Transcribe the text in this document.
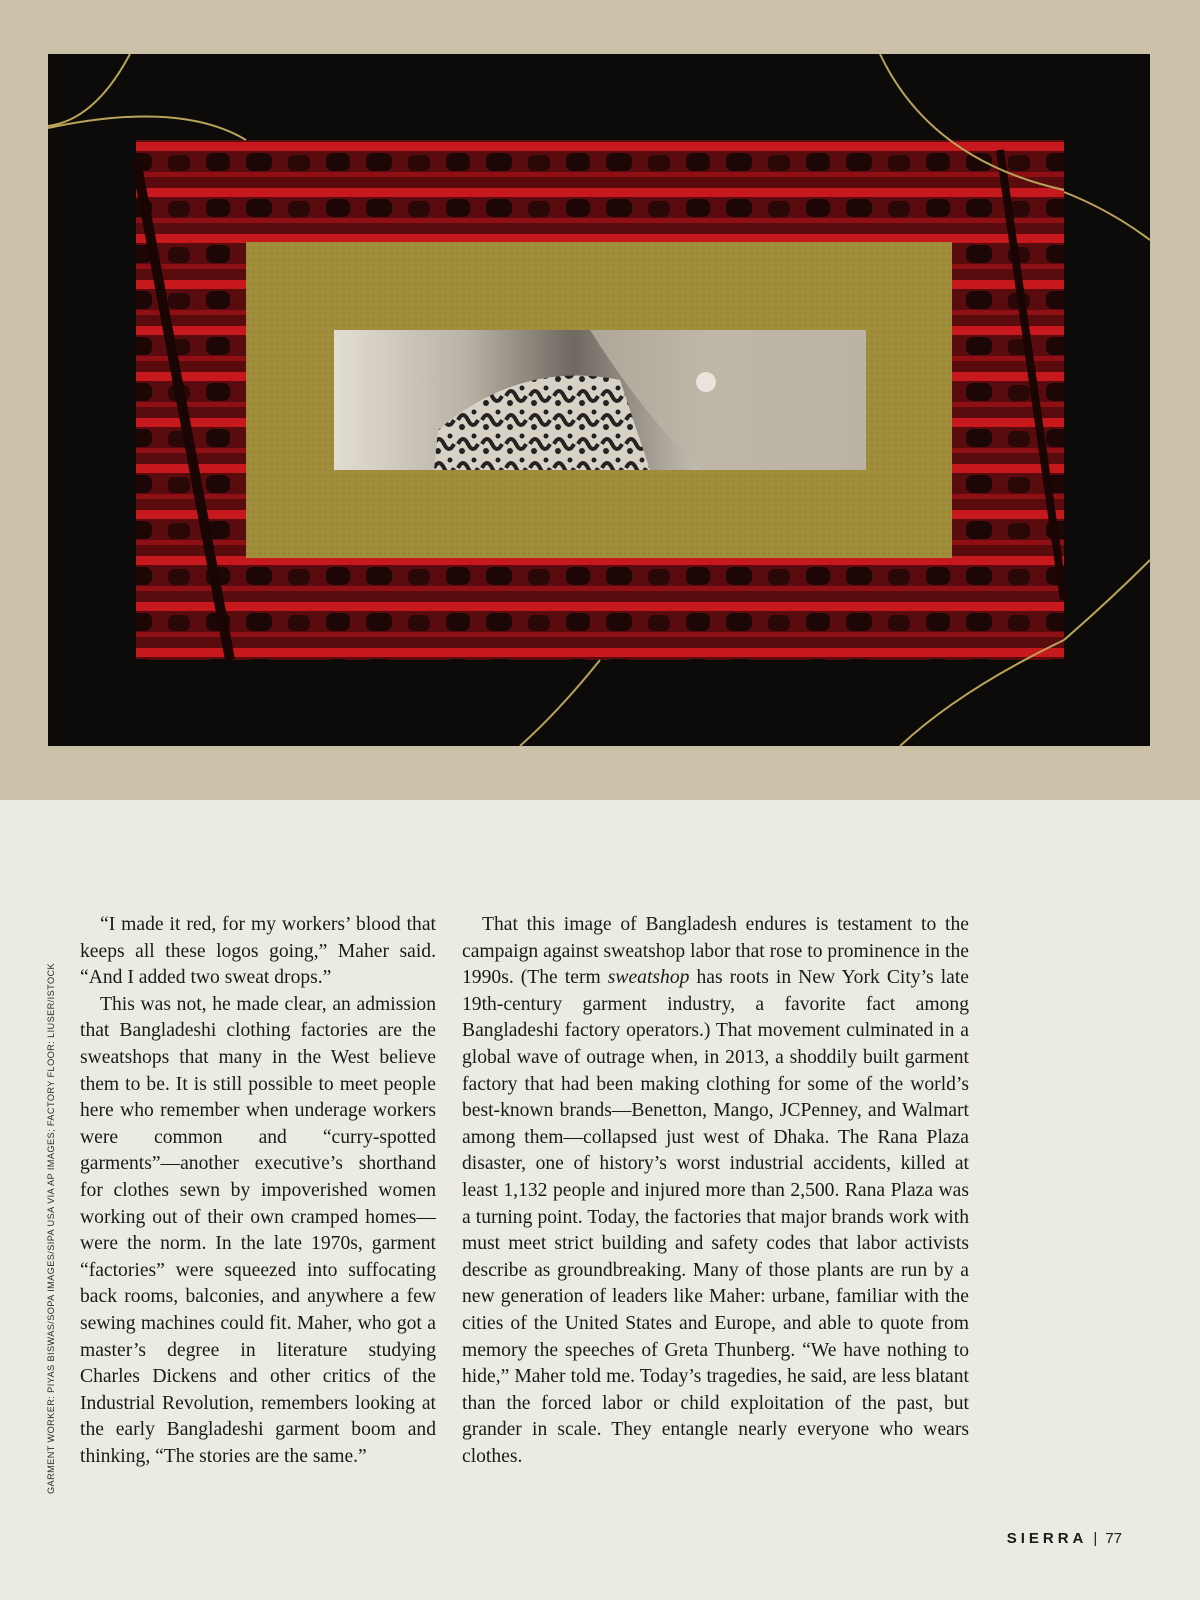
“I made it red, for my workers’ blood that keeps all these logos going,” Maher said. “And I added two sweat drops.”

This was not, he made clear, an admission that Bangladeshi clothing factories are the sweatshops that many in the West believe them to be. It is still possible to meet people here who remember when underage workers were common and “curry-spotted garments”—another executive’s shorthand for clothes sewn by impoverished women working out of their own cramped homes—were the norm. In the late 1970s, garment “factories” were squeezed into suffocating back rooms, balconies, and anywhere a few sewing machines could fit. Maher, who got a master’s degree in literature studying Charles Dickens and other critics of the Industrial Revolution, remembers looking at the early Bangladeshi garment boom and thinking, “The stories are the same.”

That this image of Bangladesh endures is testament to the campaign against sweatshop labor that rose to prominence in the 1990s. (The term sweatshop has roots in New York City’s late 19th-century garment industry, a favorite fact among Bangladeshi factory operators.) That movement culminated in a global wave of outrage when, in 2013, a shoddily built garment factory that had been making clothing for some of the world’s best-known brands—Benetton, Mango, JCPenney, and Walmart among them—collapsed just west of Dhaka. The Rana Plaza disaster, one of history’s worst industrial accidents, killed at least 1,132 people and injured more than 2,500. Rana Plaza was a turning point. Today, the factories that major brands work with must meet strict building and safety codes that labor activists describe as groundbreaking. Many of those plants are run by a new generation of leaders like Maher: urbane, familiar with the cities of the United States and Europe, and able to quote from memory the speeches of Greta Thunberg. “We have nothing to hide,” Maher told me. Today’s tragedies, he said, are less blatant than the forced labor or child exploitation of the past, but grander in scale. They entangle nearly everyone who wears clothes.

GARMENT WORKER: PIYAS BISWAS/SOPA IMAGES/SIPA USA VIA AP IMAGES; FACTORY FLOOR: LIUSER/ISTOCK
SIERRA | 77
